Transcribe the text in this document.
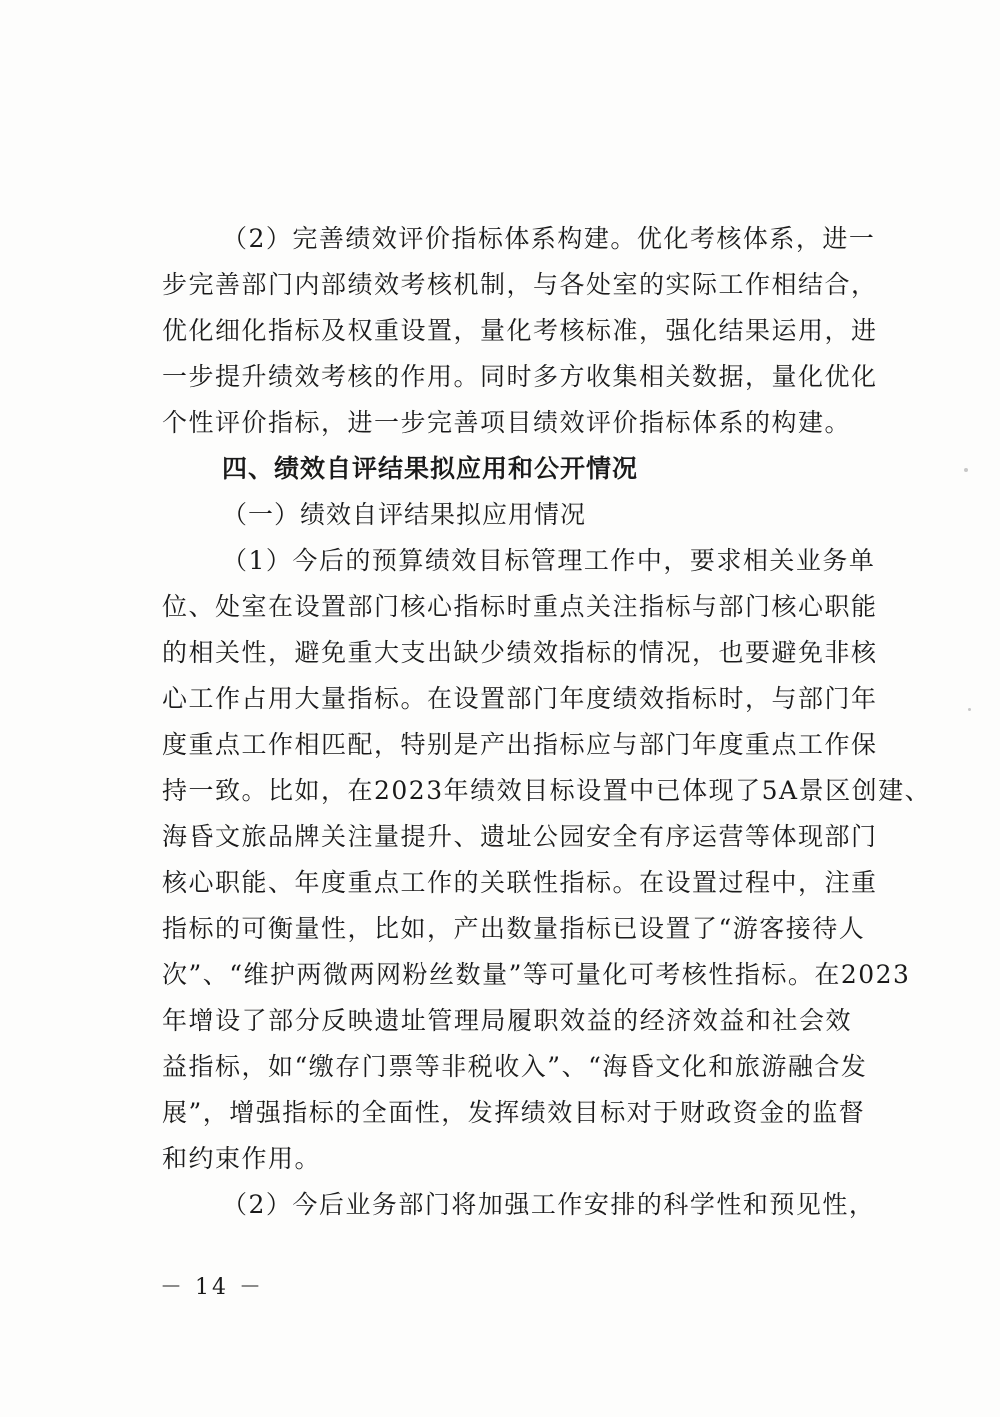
（2）完善绩效评价指标体系构建。优化考核体系，进一
步完善部门内部绩效考核机制，与各处室的实际工作相结合，
优化细化指标及权重设置，量化考核标准，强化结果运用，进
一步提升绩效考核的作用。同时多方收集相关数据，量化优化
个性评价指标，进一步完善项目绩效评价指标体系的构建。
四、绩效自评结果拟应用和公开情况
（一）绩效自评结果拟应用情况
（1）今后的预算绩效目标管理工作中，要求相关业务单
位、处室在设置部门核心指标时重点关注指标与部门核心职能
的相关性，避免重大支出缺少绩效指标的情况，也要避免非核
心工作占用大量指标。在设置部门年度绩效指标时，与部门年
度重点工作相匹配，特别是产出指标应与部门年度重点工作保
持一致。比如，在2023年绩效目标设置中已体现了5A景区创建、
海昏文旅品牌关注量提升、遗址公园安全有序运营等体现部门
核心职能、年度重点工作的关联性指标。在设置过程中，注重
指标的可衡量性，比如，产出数量指标已设置了“游客接待人
次”、“维护两微两网粉丝数量”等可量化可考核性指标。在2023
年增设了部分反映遗址管理局履职效益的经济效益和社会效
益指标，如“缴存门票等非税收入”、“海昏文化和旅游融合发
展”，增强指标的全面性，发挥绩效目标对于财政资金的监督
和约束作用。
（2）今后业务部门将加强工作安排的科学性和预见性，
－ 14 －
